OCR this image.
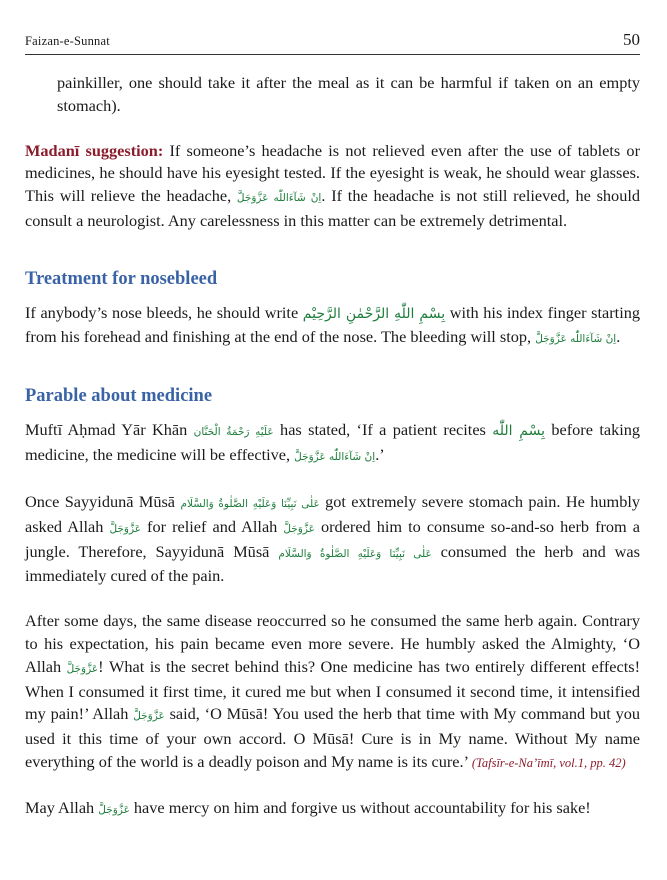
Faizan-e-Sunnat	50

painkiller, one should take it after the meal as it can be harmful if taken on an empty stomach).

Madanī suggestion: If someone’s headache is not relieved even after the use of tablets or medicines, he should have his eyesight tested. If the eyesight is weak, he should wear glasses. This will relieve the headache, اِنْ شَآءَاللّٰه عَزَّوَجَلَّ. If the headache is not still relieved, he should consult a neurologist. Any carelessness in this matter can be extremely detrimental.

Treatment for nosebleed

If anybody’s nose bleeds, he should write بِسْمِ اللّٰهِ الرَّحْمٰنِ الرَّحِيْم with his index finger starting from his forehead and finishing at the end of the nose. The bleeding will stop, اِنْ شَآءَاللّٰه عَزَّوَجَلَّ.

Parable about medicine

Muftī Aḥmad Yār Khān عَلَيْهِ رَحْمَةُ الْحَنَّان has stated, ‘If a patient recites بِسْمِ اللّٰه before taking medicine, the medicine will be effective, اِنْ شَآءَاللّٰه عَزَّوَجَلَّ.’

Once Sayyidunā Mūsā عَلٰى نَبِيِّنَا وَعَلَيْهِ الصَّلٰوةُ وَالسَّلَام got extremely severe stomach pain. He humbly asked Allah عَزَّوَجَلَّ for relief and Allah عَزَّوَجَلَّ ordered him to consume so-and-so herb from a jungle. Therefore, Sayyidunā Mūsā عَلٰى نَبِيِّنَا وَعَلَيْهِ الصَّلٰوةُ وَالسَّلَام consumed the herb and was immediately cured of the pain.

After some days, the same disease reoccurred so he consumed the same herb again. Contrary to his expectation, his pain became even more severe. He humbly asked the Almighty, ‘O Allah عَزَّوَجَلَّ! What is the secret behind this? One medicine has two entirely different effects! When I consumed it first time, it cured me but when I consumed it second time, it intensified my pain!’ Allah عَزَّوَجَلَّ said, ‘O Mūsā! You used the herb that time with My command but you used it this time of your own accord. O Mūsā! Cure is in My name. Without My name everything of the world is a deadly poison and My name is its cure.’ (Tafsīr-e-Na’īmī, vol.1, pp. 42)

May Allah عَزَّوَجَلَّ have mercy on him and forgive us without accountability for his sake!
